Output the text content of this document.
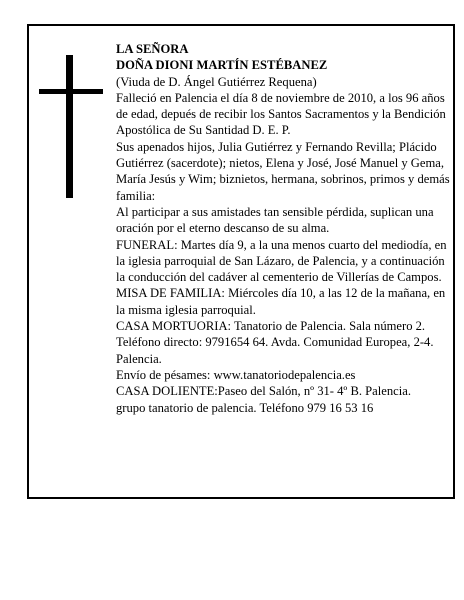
LA SEÑORA

DOÑA DIONI MARTÍN ESTÉBANEZ

(Viuda de D. Ángel Gutiérrez Requena)

Falleció en Palencia el día 8 de noviembre de 2010, a los 96 años de edad, depués de recibir los Santos Sacramentos y la Bendición Apostólica de Su Santidad D. E. P.

Sus apenados hijos, Julia Gutiérrez y Fernando Revilla; Plácido Gutiérrez (sacerdote); nietos, Elena y José, José Manuel y Gema, María Jesús y Wim; biznietos, hermana, sobrinos, primos y demás familia:

Al participar a sus amistades tan sensible pérdida, suplican una oración por el eterno descanso de su alma.

FUNERAL: Martes día 9, a la una menos cuarto del mediodía, en la iglesia parroquial de San Lázaro, de Palencia, y a continuación la conducción del cadáver al cementerio de Villerías de Campos.

MISA DE FAMILIA: Miércoles día 10, a las 12 de la mañana, en la misma iglesia parroquial.

CASA MORTUORIA: Tanatorio de Palencia. Sala número 2. Teléfono directo: 9791654 64. Avda. Comunidad Europea, 2-4. Palencia.

Envío de pésames: www.tanatoriodepalencia.es

CASA DOLIENTE:Paseo del Salón, nº 31- 4º B. Palencia.

grupo tanatorio de palencia. Teléfono 979 16 53 16
